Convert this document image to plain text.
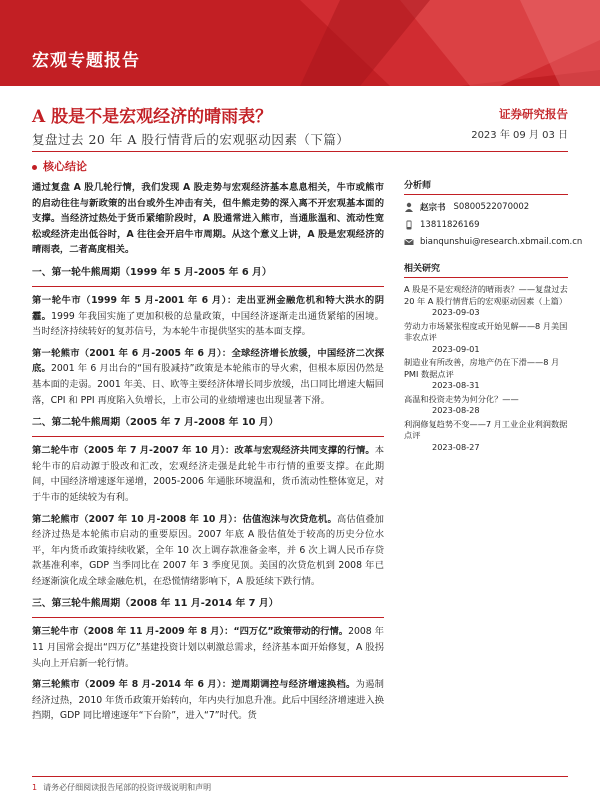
宏观专题报告
A 股是不是宏观经济的晴雨表？
复盘过去 20 年 A 股行情背后的宏观驱动因素（下篇）
证券研究报告
2023 年 09 月 03 日
核心结论

通过复盘 A 股几轮行情，我们发现 A 股走势与宏观经济基本息息相关，牛市或熊市的启动往往与新政策的出台或外生冲击有关，但牛熊走势的深入离不开宏观基本面的支撑。当经济过热处于货币紧缩阶段时，A 股通常进入熊市，当通胀温和、流动性宽松或经济走出低谷时，A 往往会开启牛市周期。从这个意义上讲，A 股是宏观经济的晴雨表，二者高度相关。

一、第一轮牛熊周期（1999 年 5 月-2005 年 6 月）

第一轮牛市（1999 年 5 月-2001 年 6 月）：走出亚洲金融危机和特大洪水的阴霾。1999 年我国实施了更加积极的总量政策，中国经济逐渐走出通货紧缩的困境。当时经济持续转好的复苏信号，为本轮牛市提供坚实的基本面支撑。

第一轮熊市（2001 年 6 月-2005 年 6 月）：全球经济增长放缓，中国经济二次探底。2001 年 6 月出台的“国有股减持”政策是本轮熊市的导火索，但根本原因仍然是基本面的走弱。2001 年美、日、欧等主要经济体增长同步放缓，出口同比增速大幅回落，CPI 和 PPI 再度陷入负增长，上市公司的业绩增速也出现显著下滑。

二、第二轮牛熊周期（2005 年 7 月-2008 年 10 月）

第二轮牛市（2005 年 7 月-2007 年 10 月）：改革与宏观经济共同支撑的行情。本轮牛市的启动源于股改和汇改，宏观经济走强是此轮牛市行情的重要支撑。在此期间，中国经济增速逐年递增，2005-2006 年通胀环境温和，货币流动性整体宽足，对于牛市的延续较为有利。

第二轮熊市（2007 年 10 月-2008 年 10 月）：估值泡沫与次贷危机。高估值叠加经济过热是本轮熊市启动的重要原因。2007 年底 A 股估值处于较高的历史分位水平，年内货币政策持续收紧，全年 10 次上调存款准备金率，并 6 次上调人民币存贷款基准利率，GDP 当季同比在 2007 年 3 季度见顶。美国的次贷危机到 2008 年已经逐渐演化成全球金融危机，在恐慌情绪影响下，A 股延续下跌行情。

三、第三轮牛熊周期（2008 年 11 月-2014 年 7 月）

第三轮牛市（2008 年 11 月-2009 年 8 月）：“四万亿”政策带动的行情。2008 年 11 月国常会提出“四万亿”基建投资计划以刺激总需求，经济基本面开始修复，A 股拐头向上开启新一轮行情。

第三轮熊市（2009 年 8 月-2014 年 6 月）：逆周期调控与经济增速换档。为遏制经济过热，2010 年货币政策开始转向，年内央行加息升准。此后中国经济增速进入换挡期，GDP 同比增速逐年“下台阶”，进入“7”时代。货

分析师
赵宗书 S0800522070002
13811826169
bianqunshui@research.xbmail.com.cn
相关研究
A 股是不是宏观经济的晴雨表？——复盘过去 20 年 A 股行情背后的宏观驱动因素（上篇）
2023-09-03
劳动力市场紧张程度或开始见解——8 月美国非农点评
2023-09-01
制造业有所改善，房地产仍在下滑——8 月 PMI 数据点评
2023-08-31
高温和投资走势为何分化？——
2023-08-28
利润修复趋势不变——7 月工业企业利润数据点评
2023-08-27
1 请务必仔细阅读报告尾部的投资评级说明和声明
